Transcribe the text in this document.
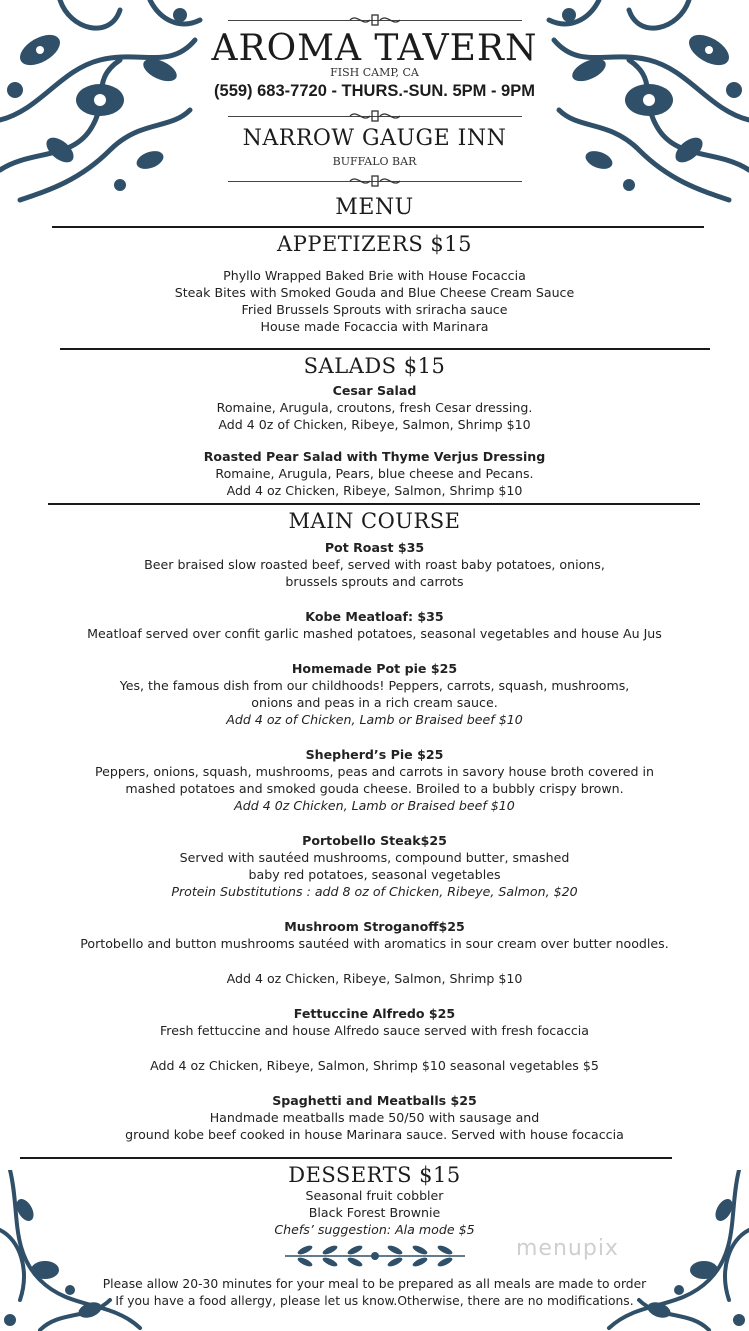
AROMA TAVERN
FISH CAMP, CA
(559) 683-7720 - THURS.-SUN. 5PM - 9PM
NARROW GAUGE INN
BUFFALO BAR
MENU
APPETIZERS $15
Phyllo Wrapped Baked Brie with House Focaccia
Steak Bites with Smoked Gouda and Blue Cheese Cream Sauce
Fried Brussels Sprouts with sriracha sauce
House made Focaccia with Marinara
SALADS $15
Cesar Salad
Romaine, Arugula, croutons, fresh Cesar dressing.
Add 4 0z of Chicken, Ribeye, Salmon, Shrimp $10
Roasted Pear Salad with Thyme Verjus Dressing
Romaine, Arugula, Pears, blue cheese and Pecans.
Add 4 oz Chicken, Ribeye, Salmon, Shrimp $10
MAIN COURSE
Pot Roast $35
Beer braised slow roasted beef, served with roast baby potatoes, onions,
brussels sprouts and carrots
Kobe Meatloaf: $35
Meatloaf served over confit garlic mashed potatoes, seasonal vegetables and house Au Jus
Homemade Pot pie $25
Yes, the famous dish from our childhoods! Peppers, carrots, squash, mushrooms,
onions and peas in a rich cream sauce.
Add 4 oz of Chicken, Lamb or Braised beef $10
Shepherd’s Pie $25
Peppers, onions, squash, mushrooms, peas and carrots in savory house broth covered in
mashed potatoes and smoked gouda cheese. Broiled to a bubbly crispy brown.
Add 4 0z Chicken, Lamb or Braised beef $10
Portobello Steak$25
Served with sautéed mushrooms, compound butter, smashed
baby red potatoes, seasonal vegetables
Protein Substitutions : add 8 oz of Chicken, Ribeye, Salmon, $20
Mushroom Stroganoff$25
Portobello and button mushrooms sautéed with aromatics in sour cream over butter noodles.
Add 4 oz Chicken, Ribeye, Salmon, Shrimp $10
Fettuccine Alfredo $25
Fresh fettuccine and house Alfredo sauce served with fresh focaccia
Add 4 oz Chicken, Ribeye, Salmon, Shrimp $10 seasonal vegetables $5
Spaghetti and Meatballs $25
Handmade meatballs made 50/50 with sausage and
ground kobe beef cooked in house Marinara sauce. Served with house focaccia
DESSERTS $15
Seasonal fruit cobbler
Black Forest Brownie
Chefs’ suggestion: Ala mode $5
menupix
Please allow 20-30 minutes for your meal to be prepared as all meals are made to order
If you have a food allergy, please let us know.Otherwise, there are no modifications.
